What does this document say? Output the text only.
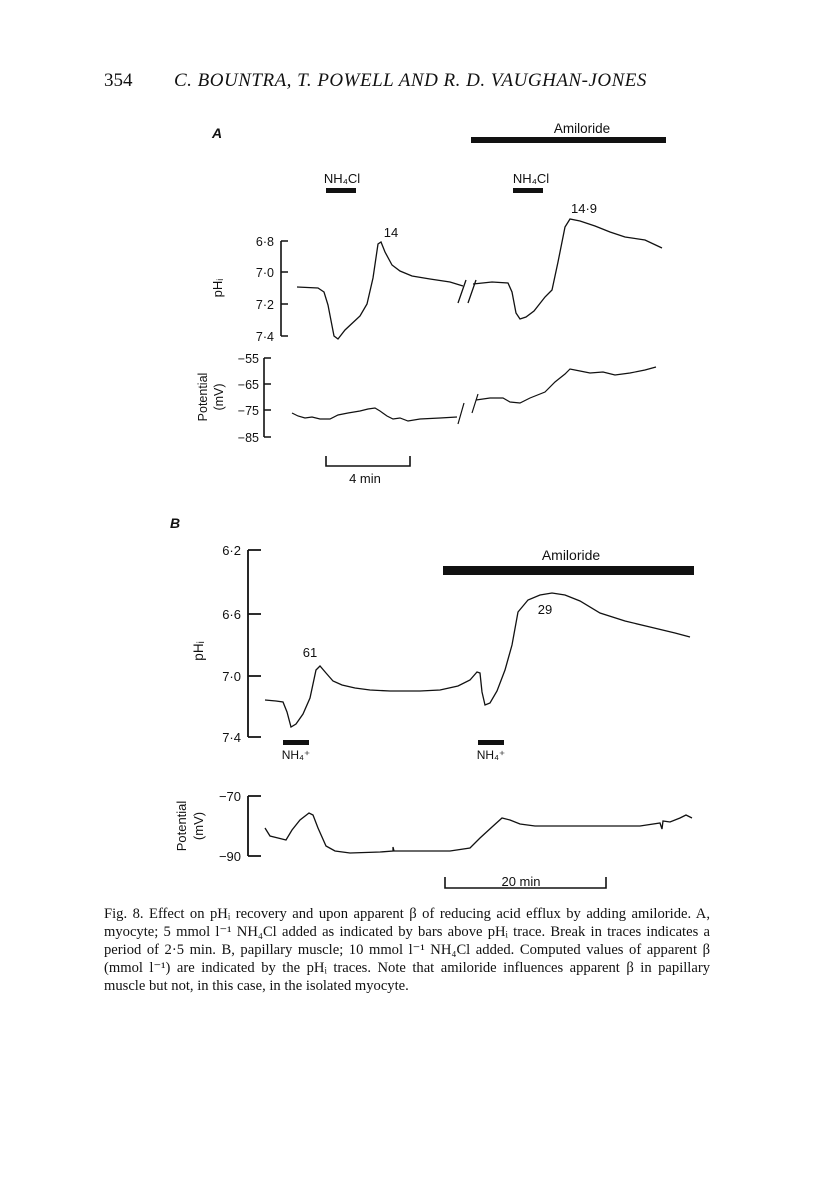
354 C. BOUNTRA, T. POWELL AND R. D. VAUGHAN-JONES
A	Amiloride
NH₄Cl	NH₄Cl
6·8
7·0
7·2
7·4
pHᵢ
14
14·9
−55
−65
−75
−85
Potential (mV)
4 min
B
Amiloride
6·2
6·6
7·0
7·4
pHᵢ	61
29
NH₄⁺	NH₄⁺
−70
−90
Potential (mV)
20 min
Fig. 8. Effect on pHᵢ recovery and upon apparent β of reducing acid efflux by adding amiloride. A, myocyte; 5 mmol l⁻¹ NH₄Cl added as indicated by bars above pHᵢ trace. Break in traces indicates a period of 2·5 min. B, papillary muscle; 10 mmol l⁻¹ NH₄Cl added. Computed values of apparent β (mmol l⁻¹) are indicated by the pHᵢ traces. Note that amiloride influences apparent β in papillary muscle but not, in this case, in the isolated myocyte.
